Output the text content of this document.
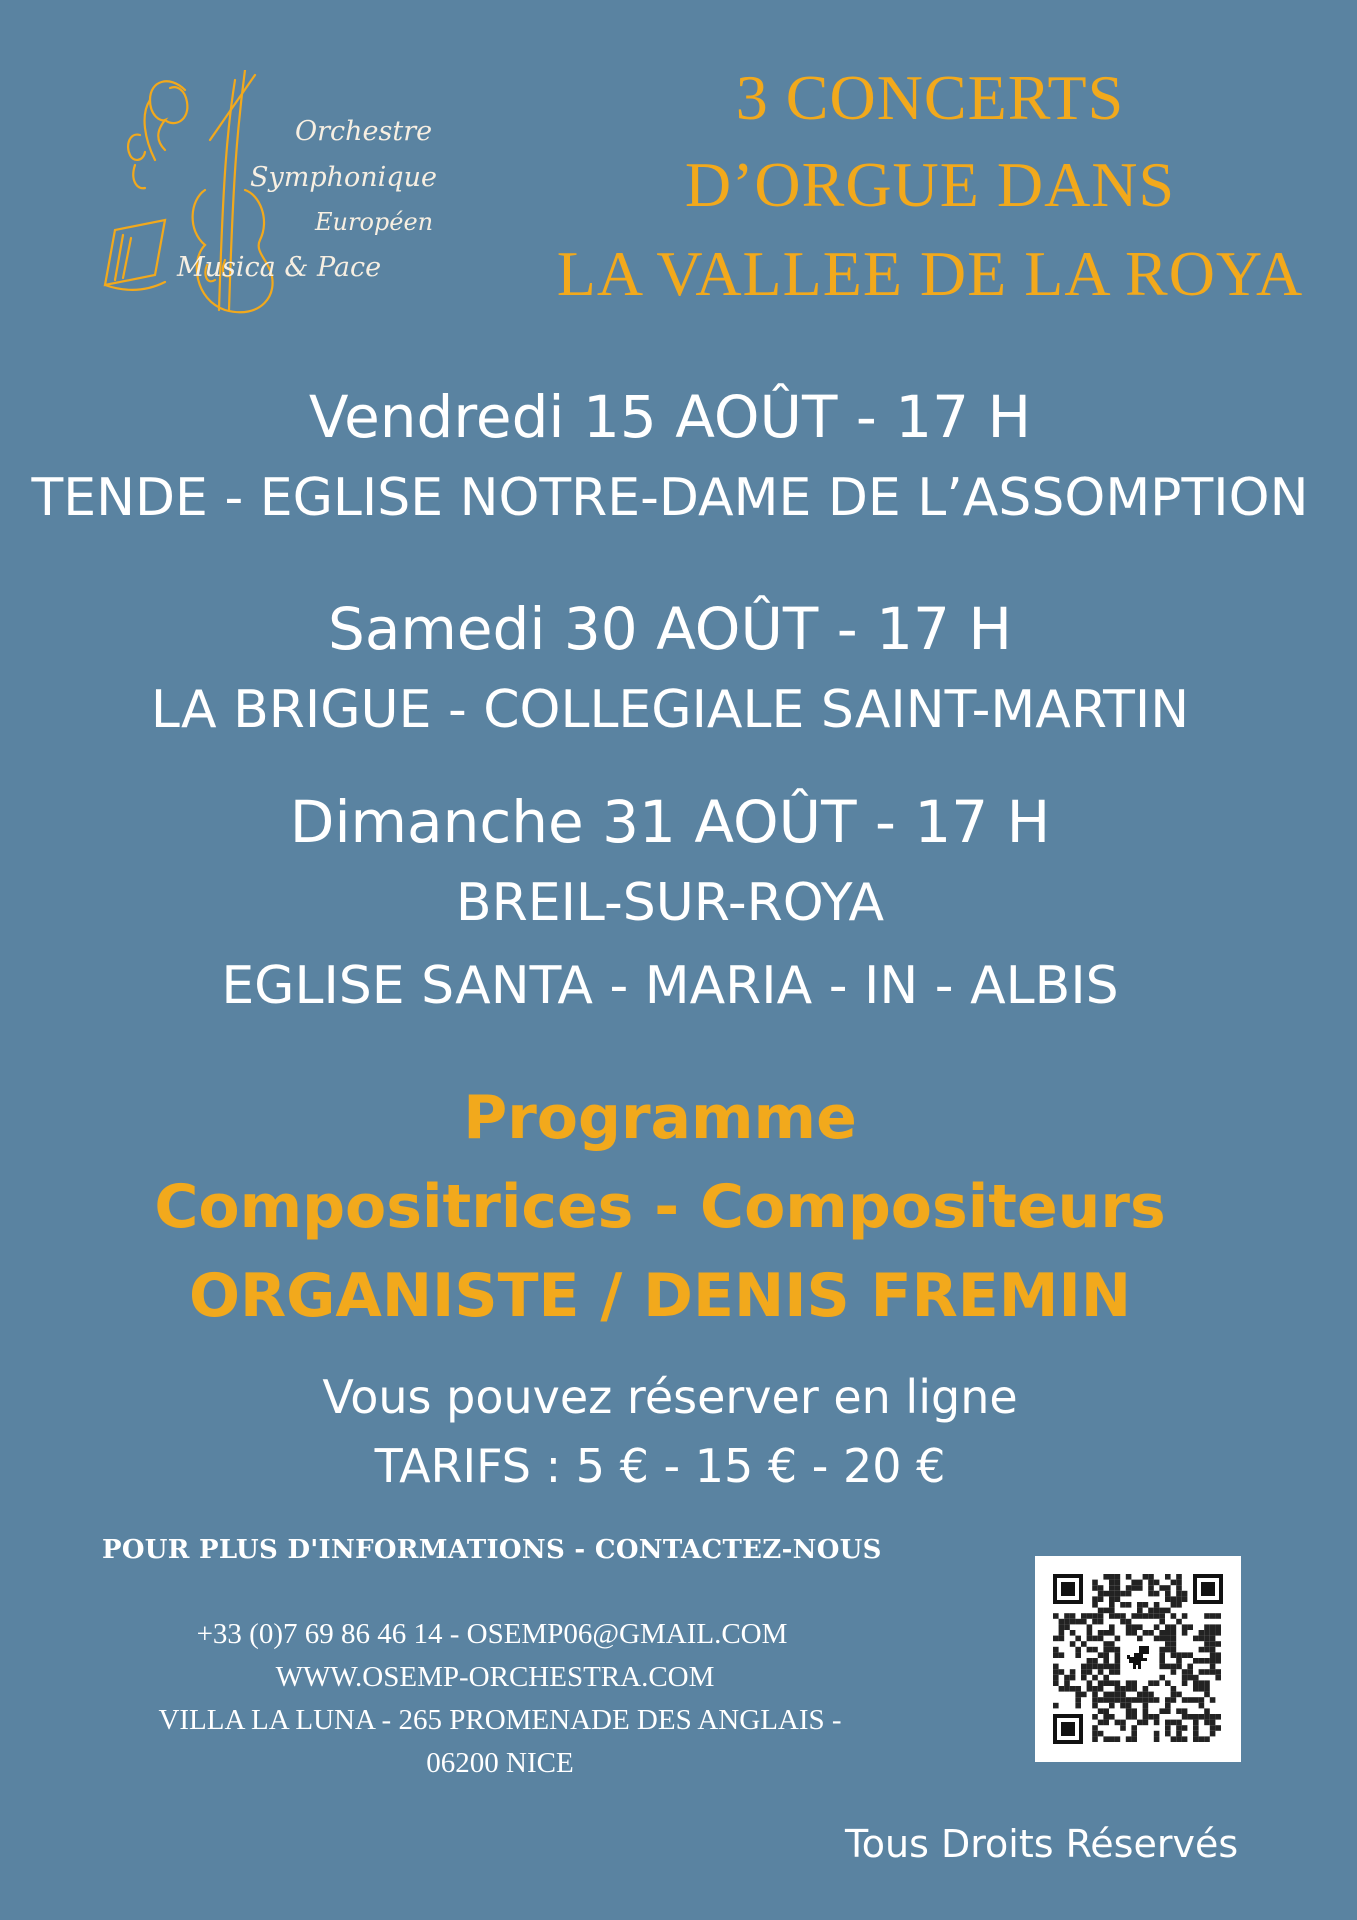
Orchestre
Symphonique
Européen
Musica & Pace
3 CONCERTS
D’ORGUE DANS
LA VALLEE DE LA ROYA
Vendredi 15 AOÛT - 17 H
TENDE - EGLISE NOTRE-DAME DE L’ASSOMPTION
Samedi 30 AOÛT - 17 H
LA BRIGUE - COLLEGIALE SAINT-MARTIN
Dimanche 31 AOÛT - 17 H
BREIL-SUR-ROYA
EGLISE SANTA - MARIA - IN - ALBIS
Programme
Compositrices - Compositeurs
ORGANISTE / DENIS FREMIN
Vous pouvez réserver en ligne
TARIFS : 5 € - 15 € - 20 €
POUR PLUS D'INFORMATIONS - CONTACTEZ-NOUS
+33 (0)7 69 86 46 14 - OSEMP06@GMAIL.COM
WWW.OSEMP-ORCHESTRA.COM
VILLA LA LUNA - 265 PROMENADE DES ANGLAIS -
06200 NICE
Tous Droits Réservés
